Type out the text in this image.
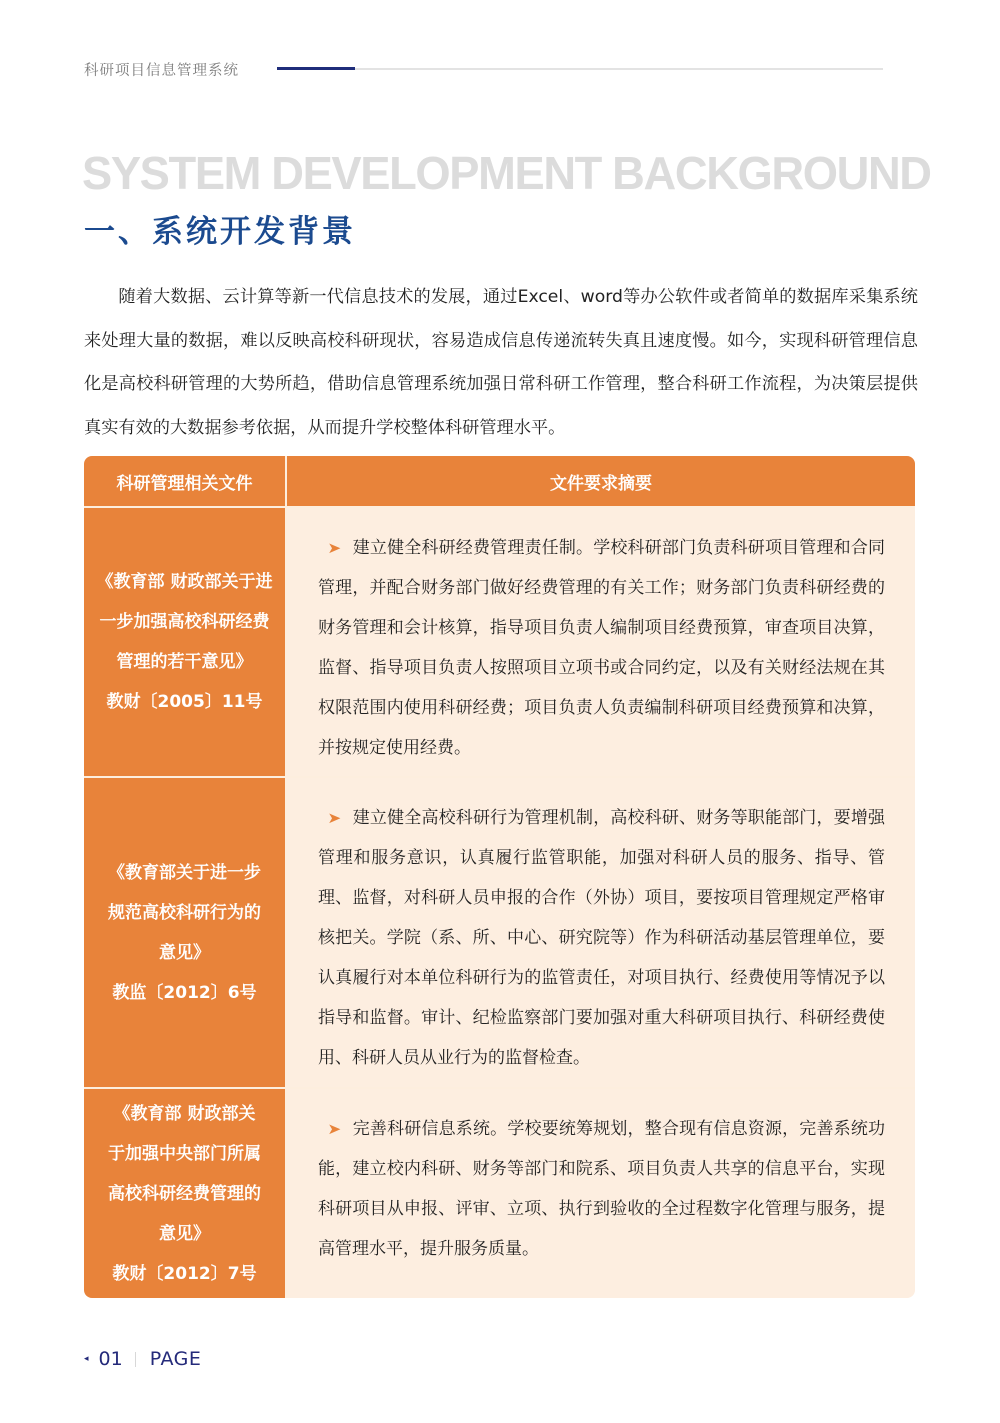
科研项目信息管理系统
SYSTEM DEVELOPMENT BACKGROUND
一、系统开发背景

随着大数据、云计算等新一代信息技术的发展，通过Excel、word等办公软件或者简单的数据库采集系统来处理大量的数据，难以反映高校科研现状，容易造成信息传递流转失真且速度慢。如今，实现科研管理信息化是高校科研管理的大势所趋，借助信息管理系统加强日常科研工作管理，整合科研工作流程，为决策层提供真实有效的大数据参考依据，从而提升学校整体科研管理水平。

科研管理相关文件	文件要求摘要
《教育部 财政部关于进
一步加强高校科研经费
管理的若干意见》
教财〔2005〕11号
➤ 建立健全科研经费管理责任制。学校科研部门负责科研项目管理和合同管理，并配合财务部门做好经费管理的有关工作；财务部门负责科研经费的财务管理和会计核算，指导项目负责人编制项目经费预算，审查项目决算，监督、指导项目负责人按照项目立项书或合同约定，以及有关财经法规在其权限范围内使用科研经费；项目负责人负责编制科研项目经费预算和决算，并按规定使用经费。
《教育部关于进一步
规范高校科研行为的
意见》
教监〔2012〕6号
➤ 建立健全高校科研行为管理机制，高校科研、财务等职能部门，要增强管理和服务意识，认真履行监管职能，加强对科研人员的服务、指导、管理、监督，对科研人员申报的合作（外协）项目，要按项目管理规定严格审核把关。学院（系、所、中心、研究院等）作为科研活动基层管理单位，要认真履行对本单位科研行为的监管责任，对项目执行、经费使用等情况予以指导和监督。审计、纪检监察部门要加强对重大科研项目执行、科研经费使用、科研人员从业行为的监督检查。
《教育部 财政部关
于加强中央部门所属
高校科研经费管理的
意见》
教财〔2012〕7号
➤ 完善科研信息系统。学校要统筹规划，整合现有信息资源，完善系统功能，建立校内科研、财务等部门和院系、项目负责人共享的信息平台，实现科研项目从申报、评审、立项、执行到验收的全过程数字化管理与服务，提高管理水平，提升服务质量。
◂ 01 PAGE
